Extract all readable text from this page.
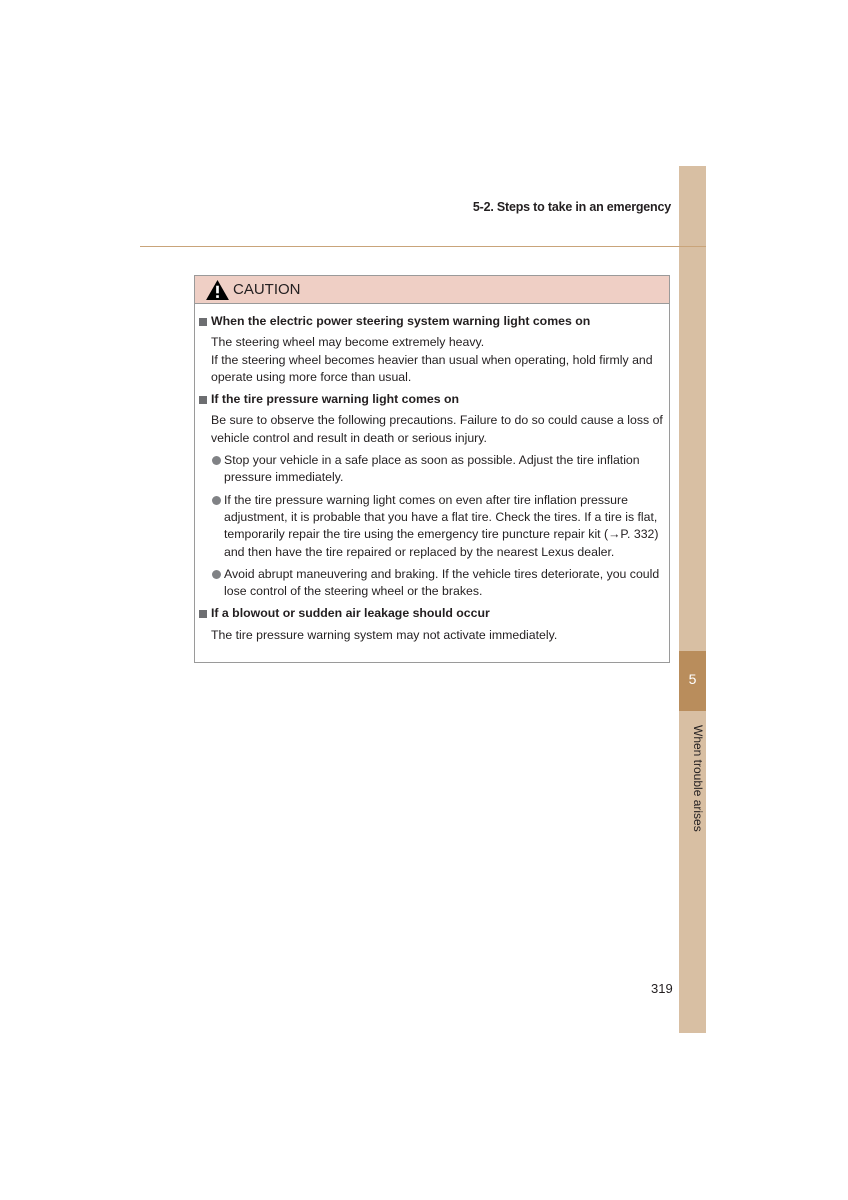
5
When trouble arises
5-2. Steps to take in an emergency
CAUTION
When the electric power steering system warning light comes on
The steering wheel may become extremely heavy.
If the steering wheel becomes heavier than usual when operating, hold firmly and operate using more force than usual.
If the tire pressure warning light comes on
Be sure to observe the following precautions. Failure to do so could cause a loss of vehicle control and result in death or serious injury.
Stop your vehicle in a safe place as soon as possible. Adjust the tire inflation pressure immediately.
If the tire pressure warning light comes on even after tire inflation pressure adjustment, it is probable that you have a flat tire. Check the tires. If a tire is flat, temporarily repair the tire using the emergency tire puncture repair kit (→P. 332) and then have the tire repaired or replaced by the nearest Lexus dealer.
Avoid abrupt maneuvering and braking. If the vehicle tires deteriorate, you could lose control of the steering wheel or the brakes.
If a blowout or sudden air leakage should occur
The tire pressure warning system may not activate immediately.
319
